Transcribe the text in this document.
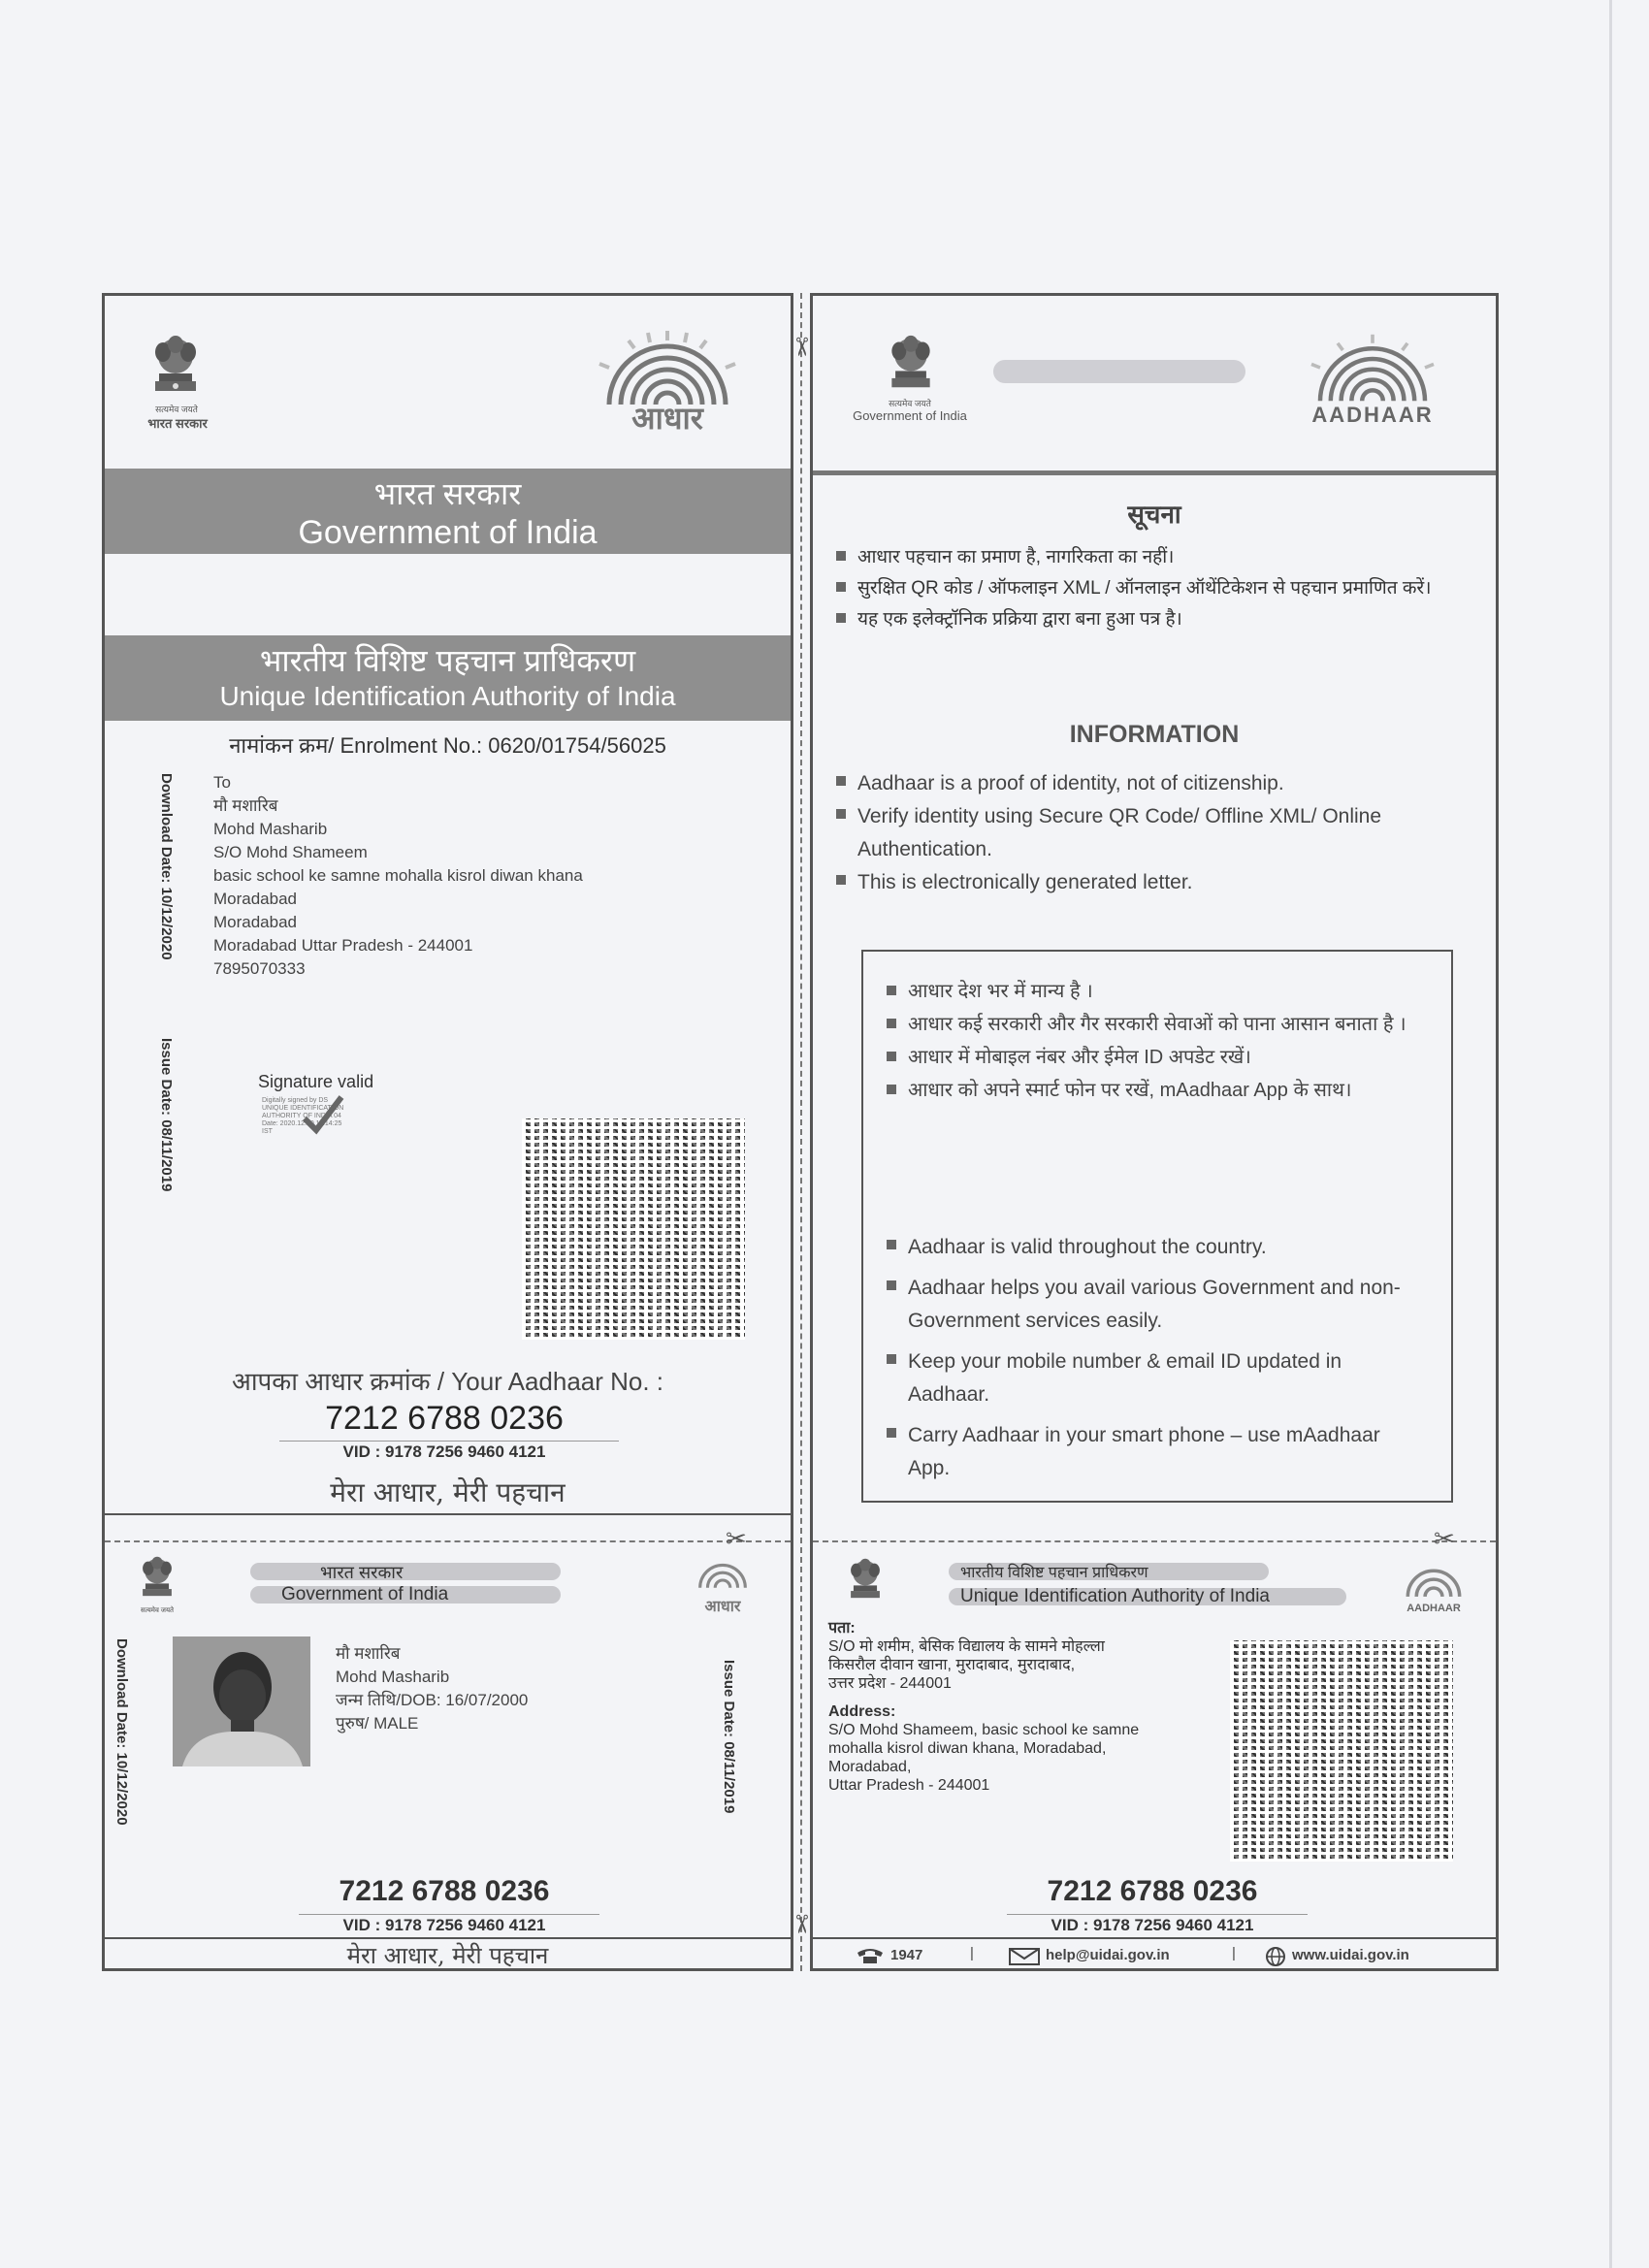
सत्यमेव जयते
भारत सरकार	आधार
भारत सरकार
Government of India
भारतीय विशिष्ट पहचान प्राधिकरण
Unique Identification Authority of India
नामांकन क्रम/ Enrolment No.: 0620/01754/56025
Download Date: 10/12/2020
Issue Date: 08/11/2019
To
मौ मशारिब
Mohd Masharib
S/O Mohd Shameem
basic school ke samne mohalla kisrol diwan khana
Moradabad
Moradabad
Moradabad Uttar Pradesh - 244001
7895070333
Signature valid
Digitally signed by DS
UNIQUE IDENTIFICATION
AUTHORITY OF INDIA 04
Date: 2020.12.10 11:14:25
IST
आपका आधार क्रमांक / Your Aadhaar No. :
7212 6788 0236
VID : 9178 7256 9460 4121
मेरा आधार, मेरी पहचान
✂
सत्यमेव जयते
भारत सरकार
Government of India
आधार
Download Date: 10/12/2020	Issue Date: 08/11/2019
मौ मशारिब
Mohd Masharib
जन्म तिथि/DOB: 16/07/2000
पुरुष/ MALE
7212 6788 0236
VID : 9178 7256 9460 4121
मेरा आधार, मेरी पहचान
✂
✂
सत्यमेव जयते
Government of India	AADHAAR
सूचना
आधार पहचान का प्रमाण है, नागरिकता का नहीं।
सुरक्षित QR कोड / ऑफलाइन XML / ऑनलाइन ऑथेंटिकेशन से पहचान प्रमाणित करें।
यह एक इलेक्ट्रॉनिक प्रक्रिया द्वारा बना हुआ पत्र है।
INFORMATION
Aadhaar is a proof of identity, not of citizenship.
Verify identity using Secure QR Code/ Offline XML/ Online Authentication.
This is electronically generated letter.
आधार देश भर में मान्य है ।
आधार कई सरकारी और गैर सरकारी सेवाओं को पाना आसान बनाता है ।
आधार में मोबाइल नंबर और ईमेल ID अपडेट रखें।
आधार को अपने स्मार्ट फोन पर रखें, mAadhaar App के साथ।
Aadhaar is valid throughout the country.
Aadhaar helps you avail various Government and non-Government services easily.
Keep your mobile number & email ID updated in Aadhaar.
Carry Aadhaar in your smart phone – use mAadhaar App.
✂
भारतीय विशिष्ट पहचान प्राधिकरण
Unique Identification Authority of India
AADHAAR
पता:
S/O मो शमीम, बेसिक विद्यालय के सामने मोहल्ला
किसरौल दीवान खाना, मुरादाबाद, मुरादाबाद,
उत्तर प्रदेश - 244001
Address:
S/O Mohd Shameem, basic school ke samne
mohalla kisrol diwan khana, Moradabad,
Moradabad,
Uttar Pradesh - 244001
7212 6788 0236
VID : 9178 7256 9460 4121
1947	|	help@uidai.gov.in	|	www.uidai.gov.in
